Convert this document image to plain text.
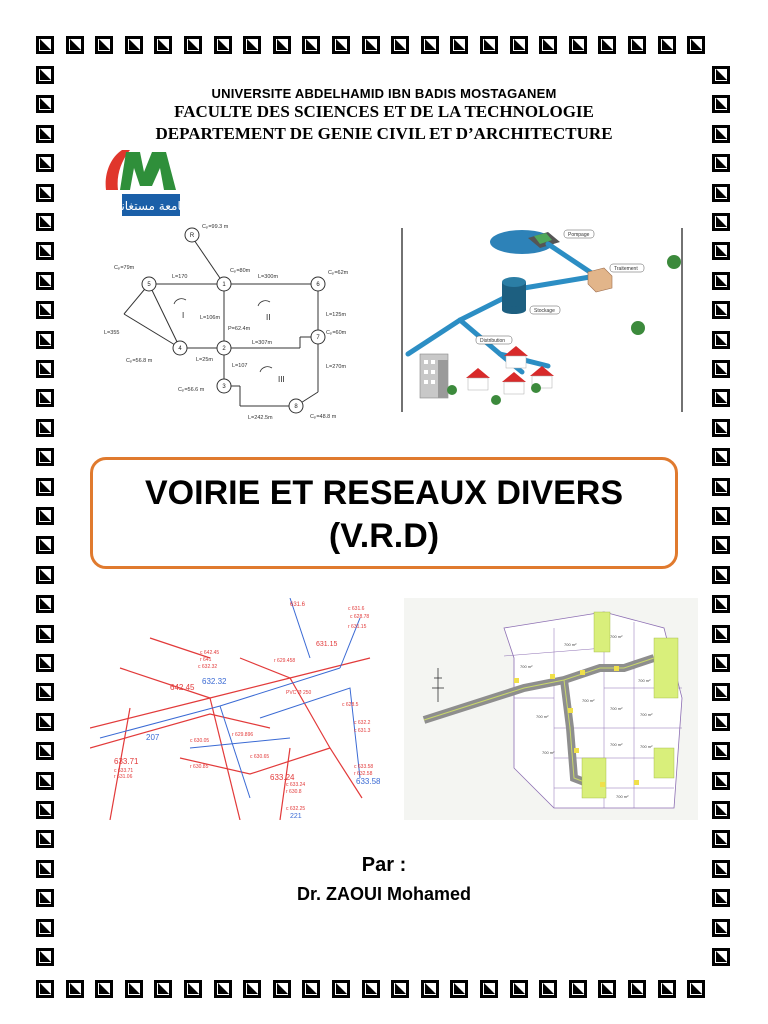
UNIVERSITE ABDELHAMID IBN BADIS MOSTAGANEM
FACULTE DES SCIENCES ET DE LA TECHNOLOGIE
DEPARTEMENT DE GENIE CIVIL ET D’ARCHITECTURE
جامعة مستغانم
R
1
2
3
4
5	6
7
8
I	II
III
Cₚ=99.3 m
Cₚ=79m	Cₚ=80m	Cₚ=62m
L=170	L=300m
L=106m	L=125m
L=355
P=62.4m
L=307m
Cₚ=60m
Cₚ=56.8 m	L=25m
Cₚ=56.6 m
L=107	L=270m
L=242.5m	Cₚ=48.8 m
Pompage
Traitement
Stockage
Distribution
VOIRIE ET RESEAUX DIVERS
(V.R.D)
631.6
c 631.6
r 631.15
631.15
c 628.78
c 642.45
r 641
c 632.32
r 629.458
642.45
632.32
PVC Ø 250
c 628.5
207	c 630.05
r 629.896
c 632.2
c 631.3
633.71
c 633.71
r 631.06
r 630.85
c 630.65
633.24
c 633.24
r 630.8
633.58
c 633.58
r 632.58
c 632.25
221
700 m²
700 m²
700 m²
700 m²
700 m²
700 m²
700 m²
700 m²
700 m²
700 m²	700 m²
700 m²
Par :
Dr. ZAOUI Mohamed
